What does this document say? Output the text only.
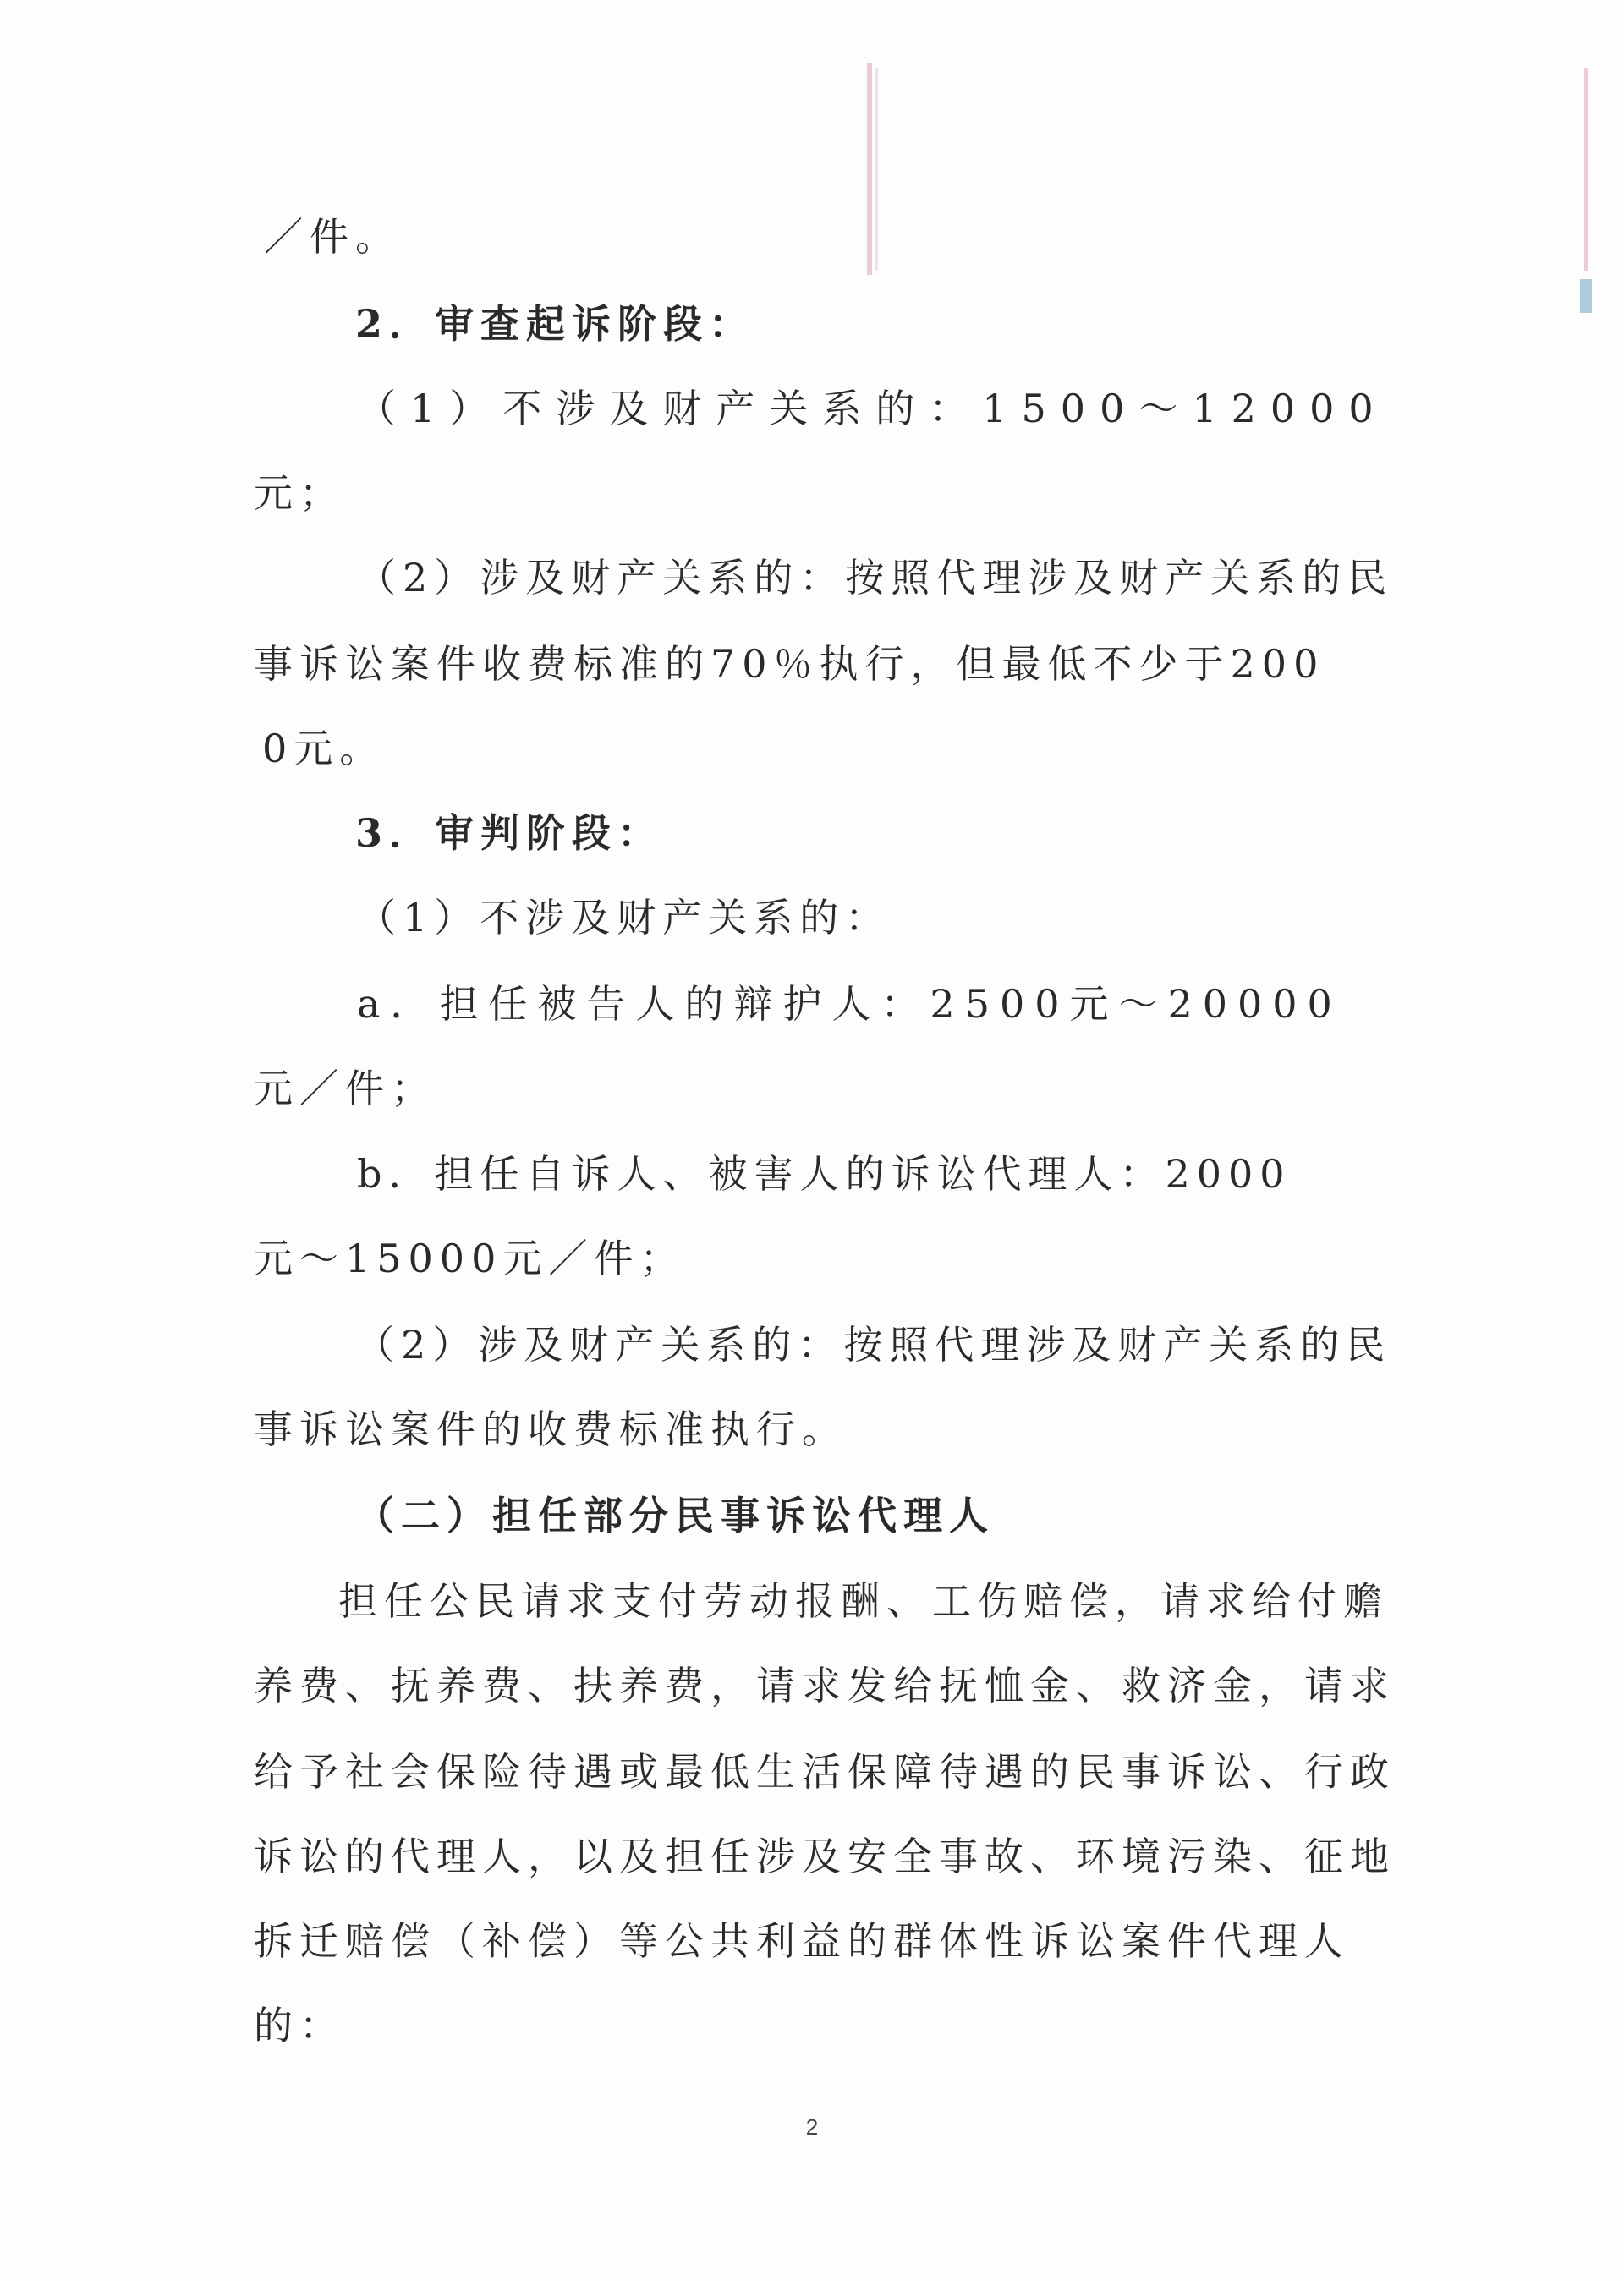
／件。
2．审查起诉阶段：
（1）不涉及财产关系的：1500～12000
元；
（2）涉及财产关系的：按照代理涉及财产关系的民
事诉讼案件收费标准的70％执行，但最低不少于200
0元。
3．审判阶段：
（1）不涉及财产关系的：
a．担任被告人的辩护人：2500元～20000
元／件；
b．担任自诉人、被害人的诉讼代理人：2000
元～15000元／件；
（2）涉及财产关系的：按照代理涉及财产关系的民
事诉讼案件的收费标准执行。
（二）担任部分民事诉讼代理人
担任公民请求支付劳动报酬、工伤赔偿，请求给付赡
养费、抚养费、扶养费，请求发给抚恤金、救济金，请求
给予社会保险待遇或最低生活保障待遇的民事诉讼、行政
诉讼的代理人，以及担任涉及安全事故、环境污染、征地
拆迁赔偿（补偿）等公共利益的群体性诉讼案件代理人
的：
2
